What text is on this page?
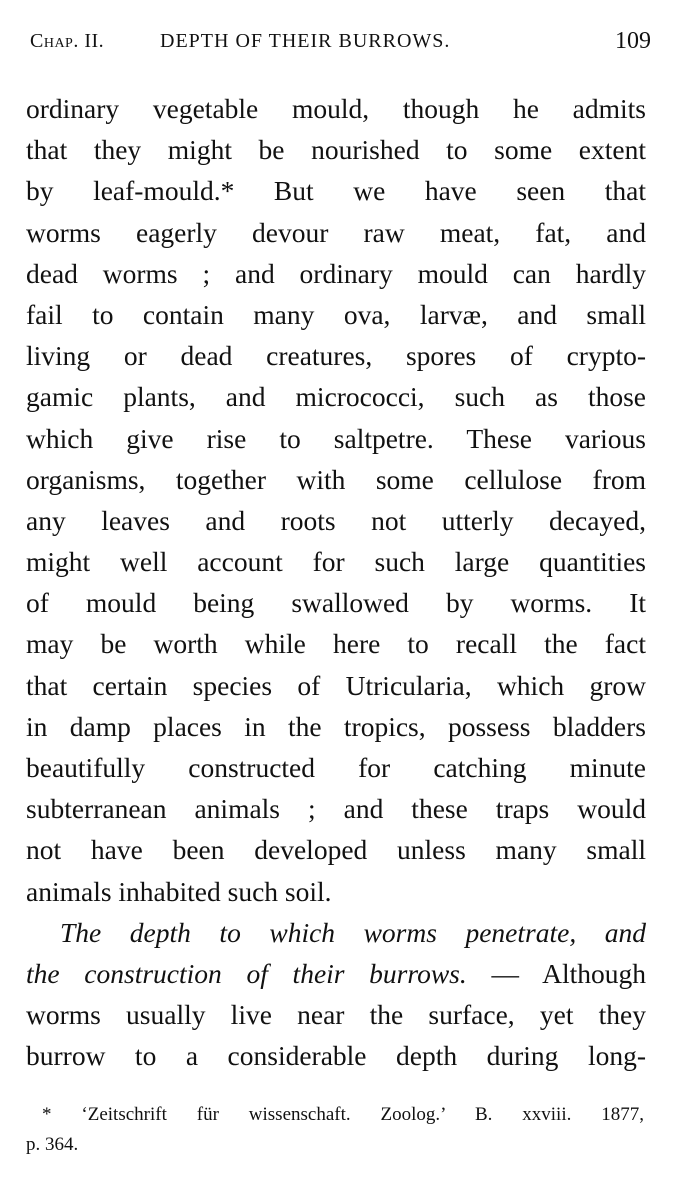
Chap. II.	DEPTH OF THEIR BURROWS.	109
ordinary vegetable mould, though he admits
that they might be nourished to some extent
by leaf-mould.* But we have seen that
worms eagerly devour raw meat, fat, and
dead worms ; and ordinary mould can hardly
fail to contain many ova, larvæ, and small
living or dead creatures, spores of crypto-
gamic plants, and micrococci, such as those
which give rise to saltpetre. These various
organisms, together with some cellulose from
any leaves and roots not utterly decayed,
might well account for such large quantities
of mould being swallowed by worms. It
may be worth while here to recall the fact
that certain species of Utricularia, which grow
in damp places in the tropics, possess bladders
beautifully constructed for catching minute
subterranean animals ; and these traps would
not have been developed unless many small
animals inhabited such soil.
The depth to which worms penetrate, and
the construction of their burrows. — Although
worms usually live near the surface, yet they
burrow to a considerable depth during long-
* ‘Zeitschrift für wissenschaft. Zoolog.’ B. xxviii. 1877,
p. 364.
